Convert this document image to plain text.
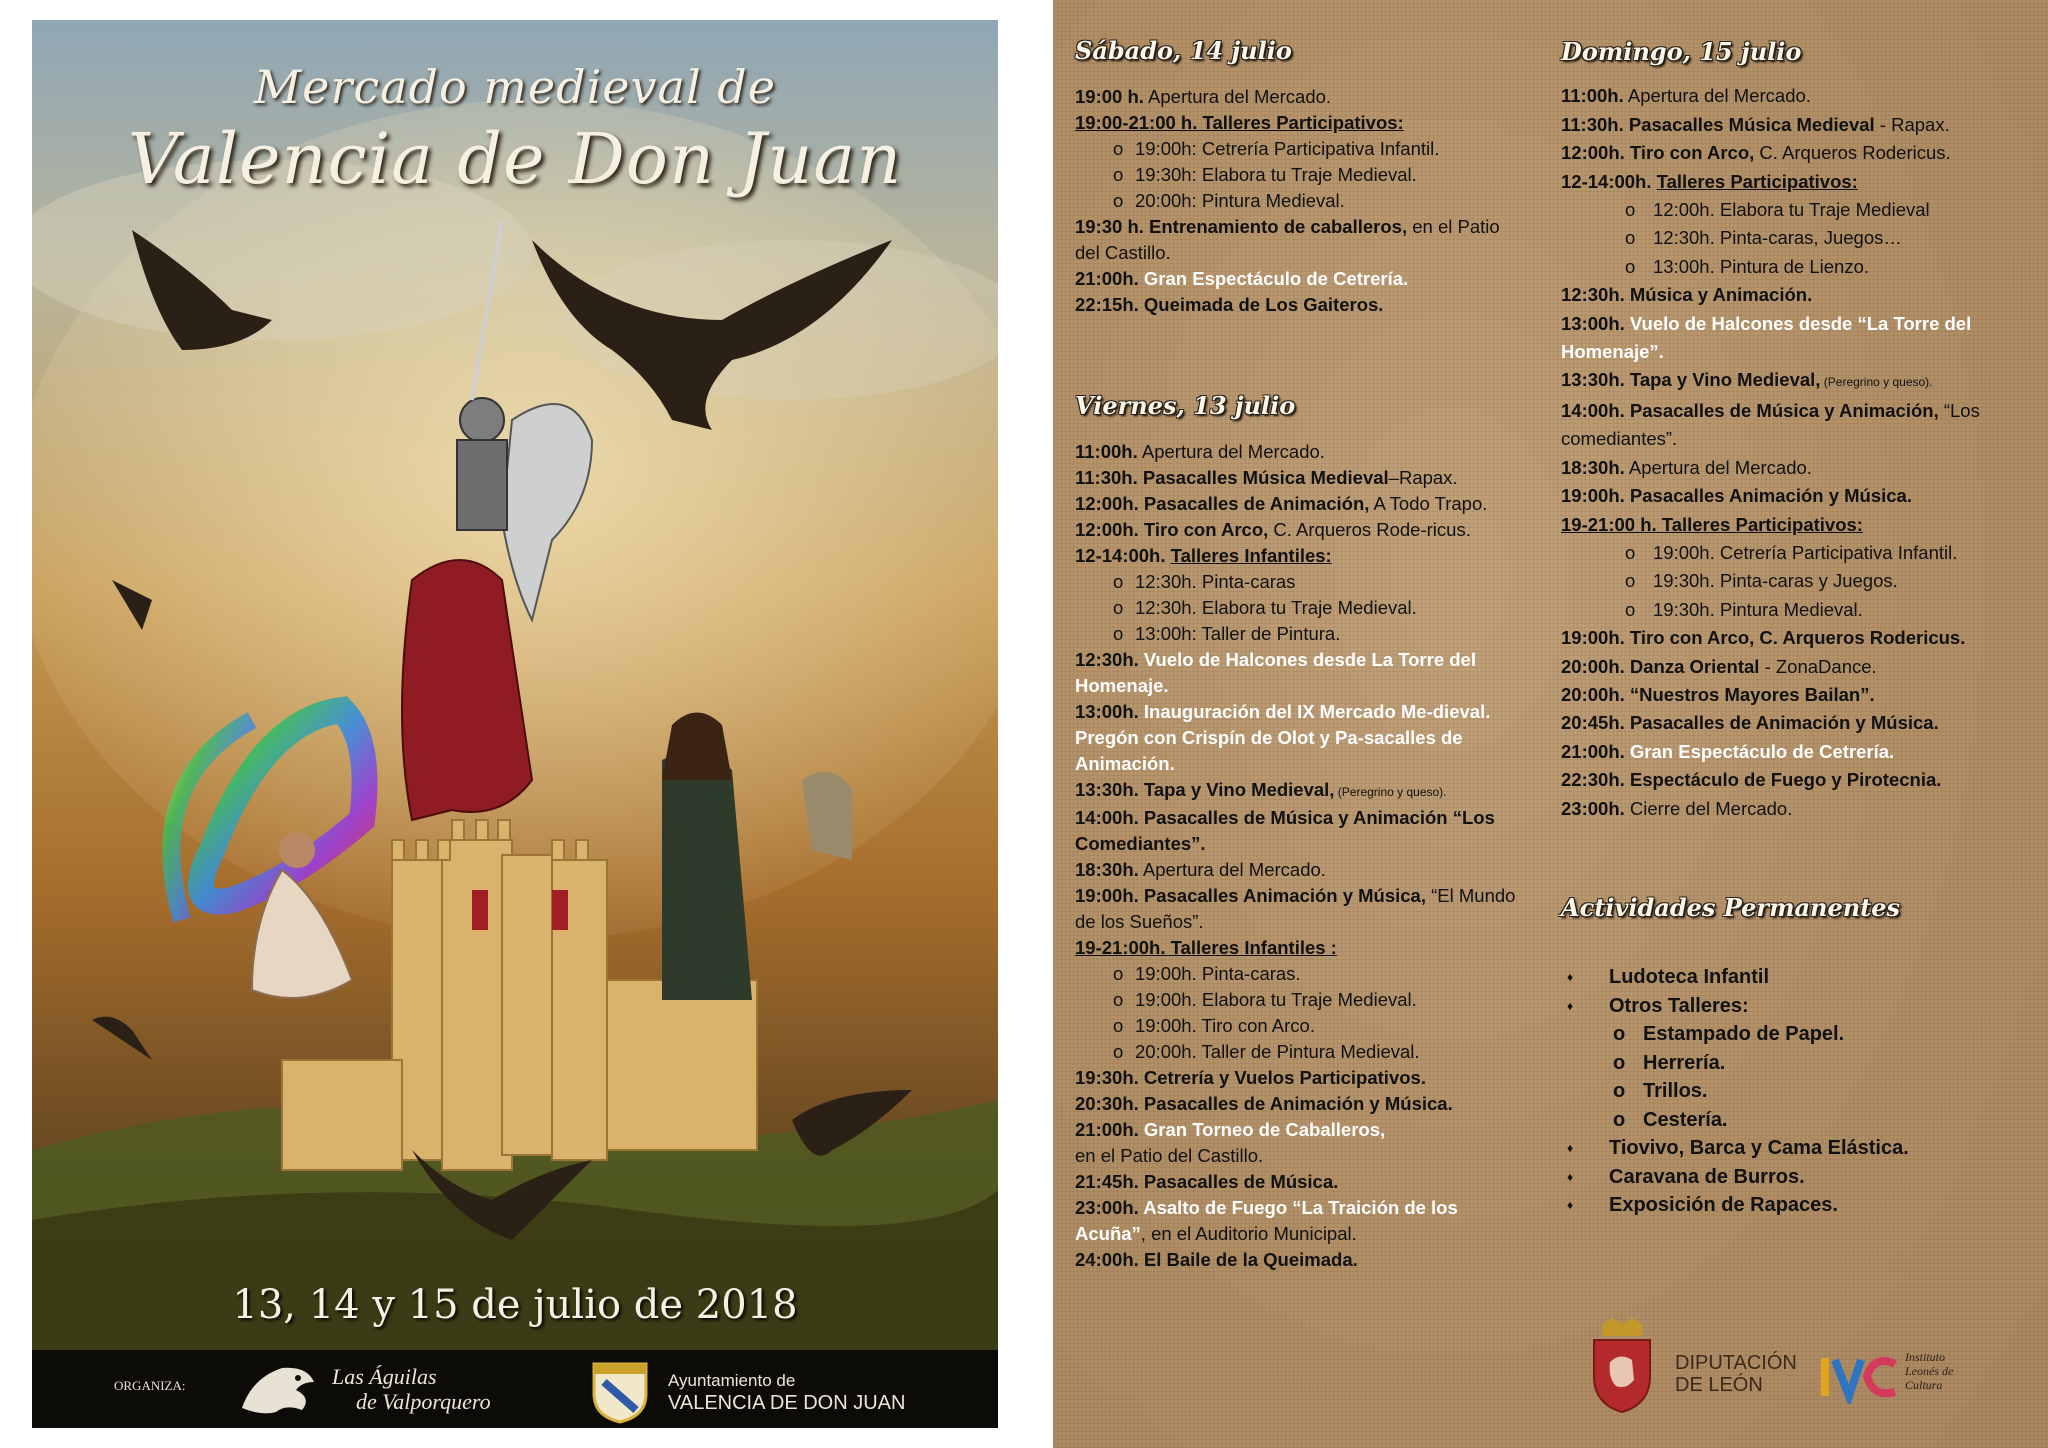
Mercado medieval de
Valencia de Don Juan
13, 14 y 15 de julio de 2018
ORGANIZA:	Las Águilas
de Valporquero
Ayuntamiento de
VALENCIA DE DON JUAN
Sábado, 14 julio

19:00 h. Apertura del Mercado.

19:00-21:00 h. Talleres Participativos:

o 19:00h: Cetrería Participativa Infantil.

o 19:30h: Elabora tu Traje Medieval.

o 20:00h: Pintura Medieval.

19:30 h. Entrenamiento de caballeros, en el Patio del Castillo.

21:00h. Gran Espectáculo de Cetrería.

22:15h. Queimada de Los Gaiteros.

Viernes, 13 julio

11:00h. Apertura del Mercado.

11:30h. Pasacalles Música Medieval–Rapax.

12:00h. Pasacalles de Animación, A Todo Trapo.

12:00h. Tiro con Arco, C. Arqueros Rode-ricus.

12-14:00h. Talleres Infantiles:

o 12:30h. Pinta-caras

o 12:30h. Elabora tu Traje Medieval.

o 13:00h: Taller de Pintura.

12:30h. Vuelo de Halcones desde La Torre del Homenaje.

13:00h. Inauguración del IX Mercado Me-dieval. Pregón con Crispín de Olot y Pa-sacalles de Animación.

13:30h. Tapa y Vino Medieval, (Peregrino y queso).

14:00h. Pasacalles de Música y Animación “Los Comediantes”.

18:30h. Apertura del Mercado.

19:00h. Pasacalles Animación y Música, “El Mundo de los Sueños”.

19-21:00h. Talleres Infantiles :

o 19:00h. Pinta-caras.

o 19:00h. Elabora tu Traje Medieval.

o 19:00h. Tiro con Arco.

o 20:00h. Taller de Pintura Medieval.

19:30h. Cetrería y Vuelos Participativos.

20:30h. Pasacalles de Animación y Música.

21:00h. Gran Torneo de Caballeros,
en el Patio del Castillo.

21:45h. Pasacalles de Música.

23:00h. Asalto de Fuego “La Traición de los Acuña”, en el Auditorio Municipal.

24:00h. El Baile de la Queimada.

Domingo, 15 julio

11:00h. Apertura del Mercado.

11:30h. Pasacalles Música Medieval - Rapax.

12:00h. Tiro con Arco, C. Arqueros Rodericus.

12-14:00h. Talleres Participativos:

o 12:00h. Elabora tu Traje Medieval

o 12:30h. Pinta-caras, Juegos…

o 13:00h. Pintura de Lienzo.

12:30h. Música y Animación.

13:00h. Vuelo de Halcones desde “La Torre del Homenaje”.

13:30h. Tapa y Vino Medieval, (Peregrino y queso).

14:00h. Pasacalles de Música y Animación, “Los comediantes”.

18:30h. Apertura del Mercado.

19:00h. Pasacalles Animación y Música.

19-21:00 h. Talleres Participativos:

o 19:00h. Cetrería Participativa Infantil.

o 19:30h. Pinta-caras y Juegos.

o 19:30h. Pintura Medieval.

19:00h. Tiro con Arco, C. Arqueros Rodericus.

20:00h. Danza Oriental - ZonaDance.

20:00h. “Nuestros Mayores Bailan”.

20:45h. Pasacalles de Animación y Música.

21:00h. Gran Espectáculo de Cetrería.

22:30h. Espectáculo de Fuego y Pirotecnia.

23:00h. Cierre del Mercado.

Actividades Permanentes
♦ Ludoteca Infantil
♦ Otros Talleres:
o Estampado de Papel.
o Herrería.
o Trillos.
o Cestería.
♦ Tiovivo, Barca y Cama Elástica.
♦ Caravana de Burros.
♦ Exposición de Rapaces.
DIPUTACIÓN
DE LEÓN
Instituto
Leonés de
Cultura
